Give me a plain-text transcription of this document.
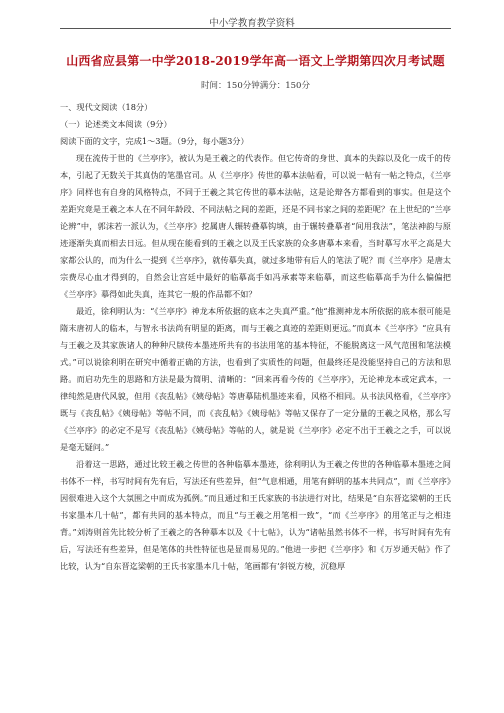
中小学教育教学资料
山西省应县第一中学2018-2019学年高一语文上学期第四次月考试题
时间：150分钟满分：150分

一、现代文阅读（18分）

（一）论述类文本阅读（9分）

阅读下面的文字，完成1～3题。（9分，每小题3分）

现在流传于世的《兰亭序》，被认为是王羲之的代表作。但它传奇的身世、真本的失踪以及化一成千的传本，引起了无数关于其真伪的笔墨官司。从《兰亭序》传世的摹本法帖看，可以说一帖有一帖之特点，《兰亭序》同样也有自身的风格特点，不同于王羲之其它传世的摹本法帖，这是论辩各方都看到的事实。但是这个差距究竟是王羲之本人在不同年龄段、不同法帖之间的差距，还是不同书家之间的差距呢？在上世纪的“兰亭论辨”中，郭沫若一派认为，《兰亭序》挖属唐人辗转叠摹钩填，由于辗转叠摹者“间用我法”，笔法神韵与原迹逐渐失真而相去日远。但从现在能看到的王羲之以及王氏家族的众多唐摹本来看，当时摹写水平之高是大家都公认的，而为什么一提到《兰亭序》，就传摹失真，就过多地带有后人的笔法了呢？而《兰亭序》是唐太宗费尽心血才得到的，自然会让宫廷中最好的临摹高手如冯承素等来临摹，而这些临摹高手为什么偏偏把《兰亭序》摹得如此失真，连其它一般的作品都不如？

最近，徐利明认为：“《兰亭序》神龙本所依据的底本之失真严重。”他“推测神龙本所依据的底本很可能是隋末唐初人的临本，与智永书法尚有明显的距离，而与王羲之真迹的差距则更远。”而真本《兰亭序》“应具有与王羲之及其家族诸人的种种尺牍传本墨迹所共有的书法用笔的基本特征，不能脱离这一风气范围和笔法模式。”可以说徐利明在研究中循着正确的方法，也看到了实质性的问题，但最终还是没能坚持自己的方法和思路。而启功先生的思路和方法是最为简明、清晰的：“回来再看今传的《兰亭序》，无论神龙本或定武本，一律纯然是唐代风貌，但用《丧乱帖》《姨母帖》等唐摹陆机墨迹来看，风格不相同。从书法风格看，《兰亭序》既与《丧乱帖》《姨母帖》等帖不同，而《丧乱帖》《姨母帖》等帖又保存了一定分量的王羲之风格，那么写《兰亭序》的必定不是写《丧乱帖》《姨母帖》等帖的人，就是说《兰亭序》必定不出于王羲之之手，可以说是毫无疑问。”

沿着这一思路，通过比较王羲之传世的各种临摹本墨迹，徐利明认为王羲之传世的各种临摹本墨迹之间书体不一样，书写时间有先有后，写法还有些差异，但“气息相通，用笔有鲜明的基本共同点”，而《兰亭序》因很难进入这个大氛围之中而成为孤例。”而且通过和王氏家族的书法进行对比，结果是“自东晋迄梁朝的王氏书家墨本几十帖”，都有共同的基本特点，而且“与王羲之用笔相一致”，“而《兰亭序》的用笔正与之相违背。”刘涛则首先比较分析了王羲之的各种摹本以及《十七帖》，认为“诸帖虽然书体不一样，书写时间有先有后，写法还有些差异，但是笔体的共性特征也是显而易见的。”他进一步把《兰亭序》和《万岁通天帖》作了比较，认为“自东晋迄梁朝的王氏书家墨本几十帖，笔画都有‘斜锐方棱，沉稳厚
